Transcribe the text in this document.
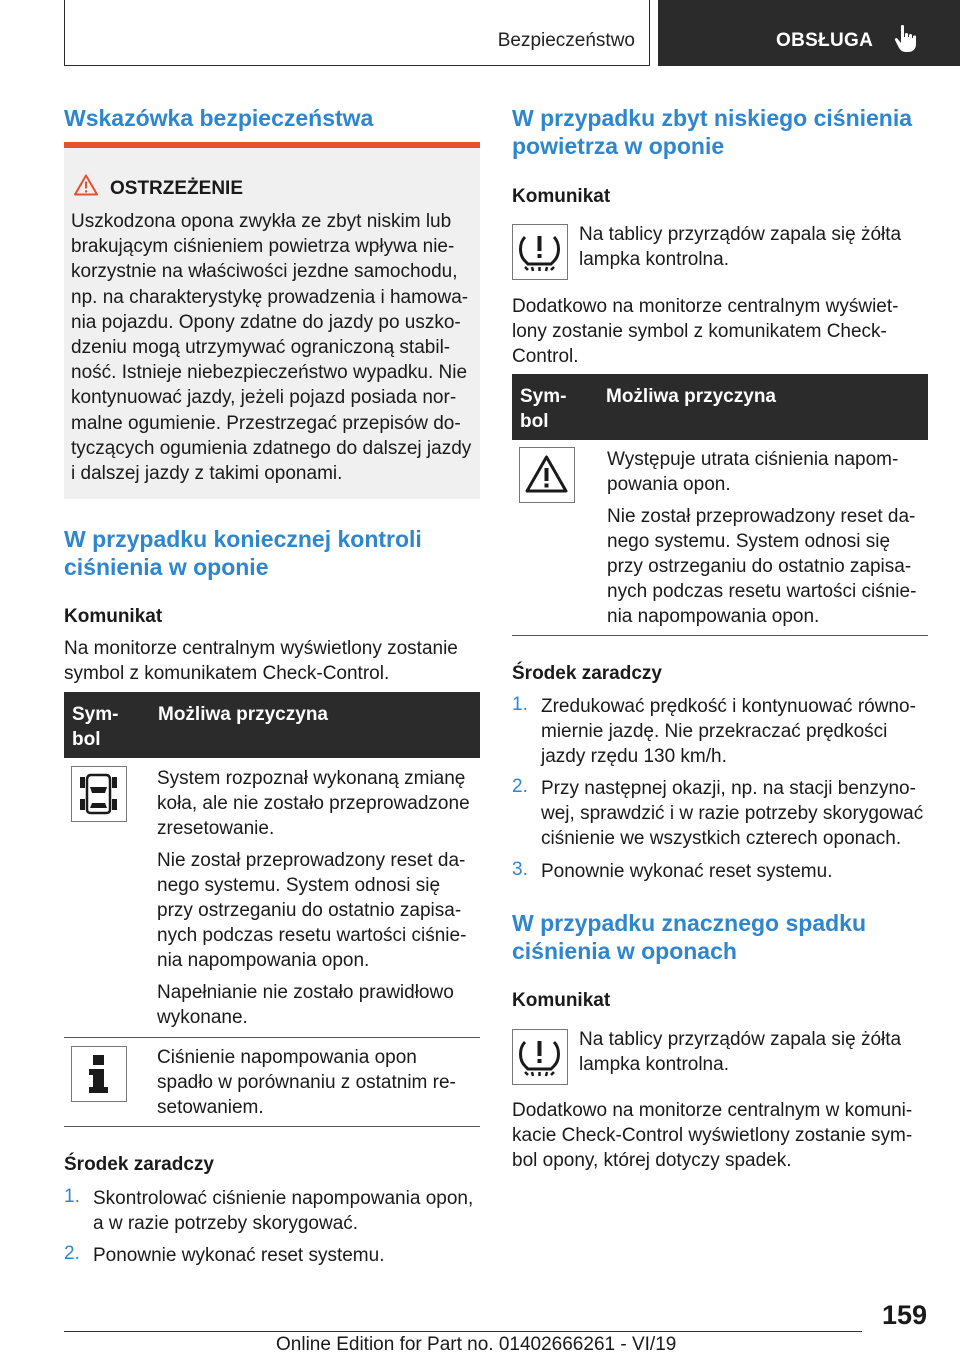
Bezpieczeństwo	OBSŁUGA
Wskazówka bezpieczeństwa
OSTRZEŻENIE
Uszkodzona opona zwykła ze zbyt niskim lub
brakującym ciśnieniem powietrza wpływa nie-
korzystnie na właściwości jezdne samochodu,
np. na charakterystykę prowadzenia i hamowa-
nia pojazdu. Opony zdatne do jazdy po uszko-
dzeniu mogą utrzymywać ograniczoną stabil-
ność. Istnieje niebezpieczeństwo wypadku. Nie
kontynuować jazdy, jeżeli pojazd posiada nor-
malne ogumienie. Przestrzegać przepisów do-
tyczących ogumienia zdatnego do dalszej jazdy
i dalszej jazdy z takimi oponami.
W przypadku koniecznej kontroli
ciśnienia w oponie
Komunikat

Na monitorze centralnym wyświetlony zostanie
symbol z komunikatem Check-Control.

Sym-
bol
Możliwa przyczyna

System rozpoznał wykonaną zmianę
koła, ale nie zostało przeprowadzone
zresetowanie.

Nie został przeprowadzony reset da-
nego systemu. System odnosi się
przy ostrzeganiu do ostatnio zapisa-
nych podczas resetu wartości ciśnie-
nia napompowania opon.

Napełnianie nie zostało prawidłowo
wykonane.

Ciśnienie napompowania opon
spadło w porównaniu z ostatnim re-
setowaniem.

Środek zaradczy
1. Skontrolować ciśnienie napompowania opon,
a w razie potrzeby skorygować.

2. Ponownie wykonać reset systemu.

W przypadku zbyt niskiego ciśnienia
powietrza w oponie
Komunikat

Na tablicy przyrządów zapala się żółta
lampka kontrolna.

Dodatkowo na monitorze centralnym wyświet-
lony zostanie symbol z komunikatem Check-
Control.

Sym-
bol
Możliwa przyczyna

Występuje utrata ciśnienia napom-
powania opon.

Nie został przeprowadzony reset da-
nego systemu. System odnosi się
przy ostrzeganiu do ostatnio zapisa-
nych podczas resetu wartości ciśnie-
nia napompowania opon.

Środek zaradczy
1. Zredukować prędkość i kontynuować równo-
miernie jazdę. Nie przekraczać prędkości
jazdy rzędu 130 km/h.

2. Przy następnej okazji, np. na stacji benzyno-
wej, sprawdzić i w razie potrzeby skorygować
ciśnienie we wszystkich czterech oponach.

3. Ponownie wykonać reset systemu.

W przypadku znacznego spadku
ciśnienia w oponach
Komunikat

Na tablicy przyrządów zapala się żółta
lampka kontrolna.

Dodatkowo na monitorze centralnym w komuni-
kacie Check-Control wyświetlony zostanie sym-
bol opony, której dotyczy spadek.

159
Online Edition for Part no. 01402666261 - VI/19
